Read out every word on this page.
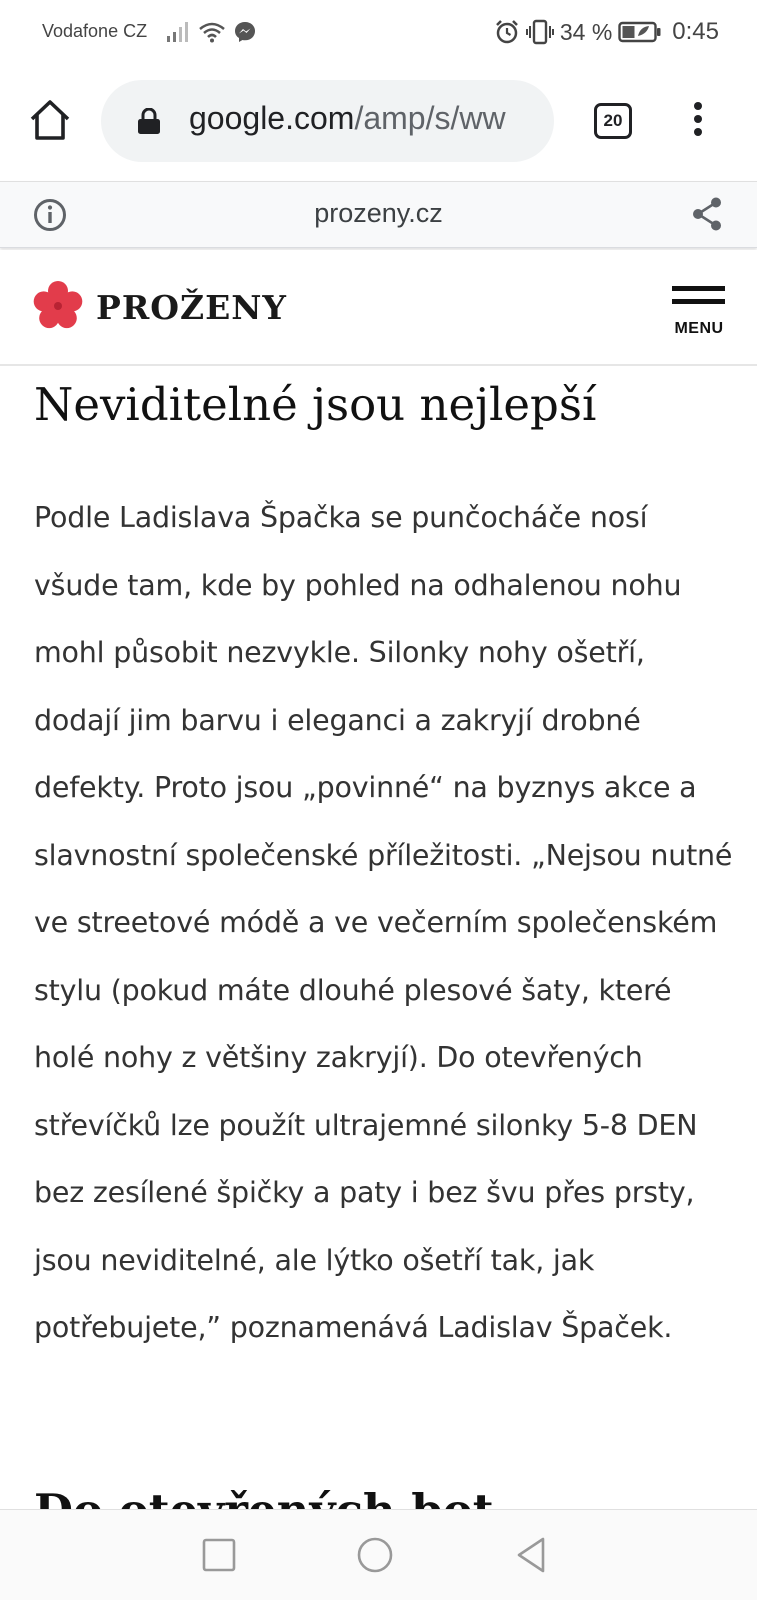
Vodafone CZ	34 %	0:45
google.com/amp/s/ww	20
prozeny.cz
PROŽENY
MENU
Neviditelné jsou nejlepší

Podle Ladislava Špačka se punčocháče nosí všude tam, kde by pohled na odhalenou nohu mohl působit nezvykle. Silonky nohy ošetří, dodají jim barvu i eleganci a zakryjí drobné defekty. Proto jsou „povinné“ na byznys akce a slavnostní společenské příležitosti. „Nejsou nutné ve streetové módě a ve večerním společenském stylu (pokud máte dlouhé plesové šaty, které holé nohy z většiny zakryjí). Do otevřených střevíčků lze použít ultrajemné silonky 5-8 DEN bez zesílené špičky a paty i bez švu přes prsty, jsou neviditelné, ale lýtko ošetří tak, jak potřebujete,” poznamenává Ladislav Špaček.
